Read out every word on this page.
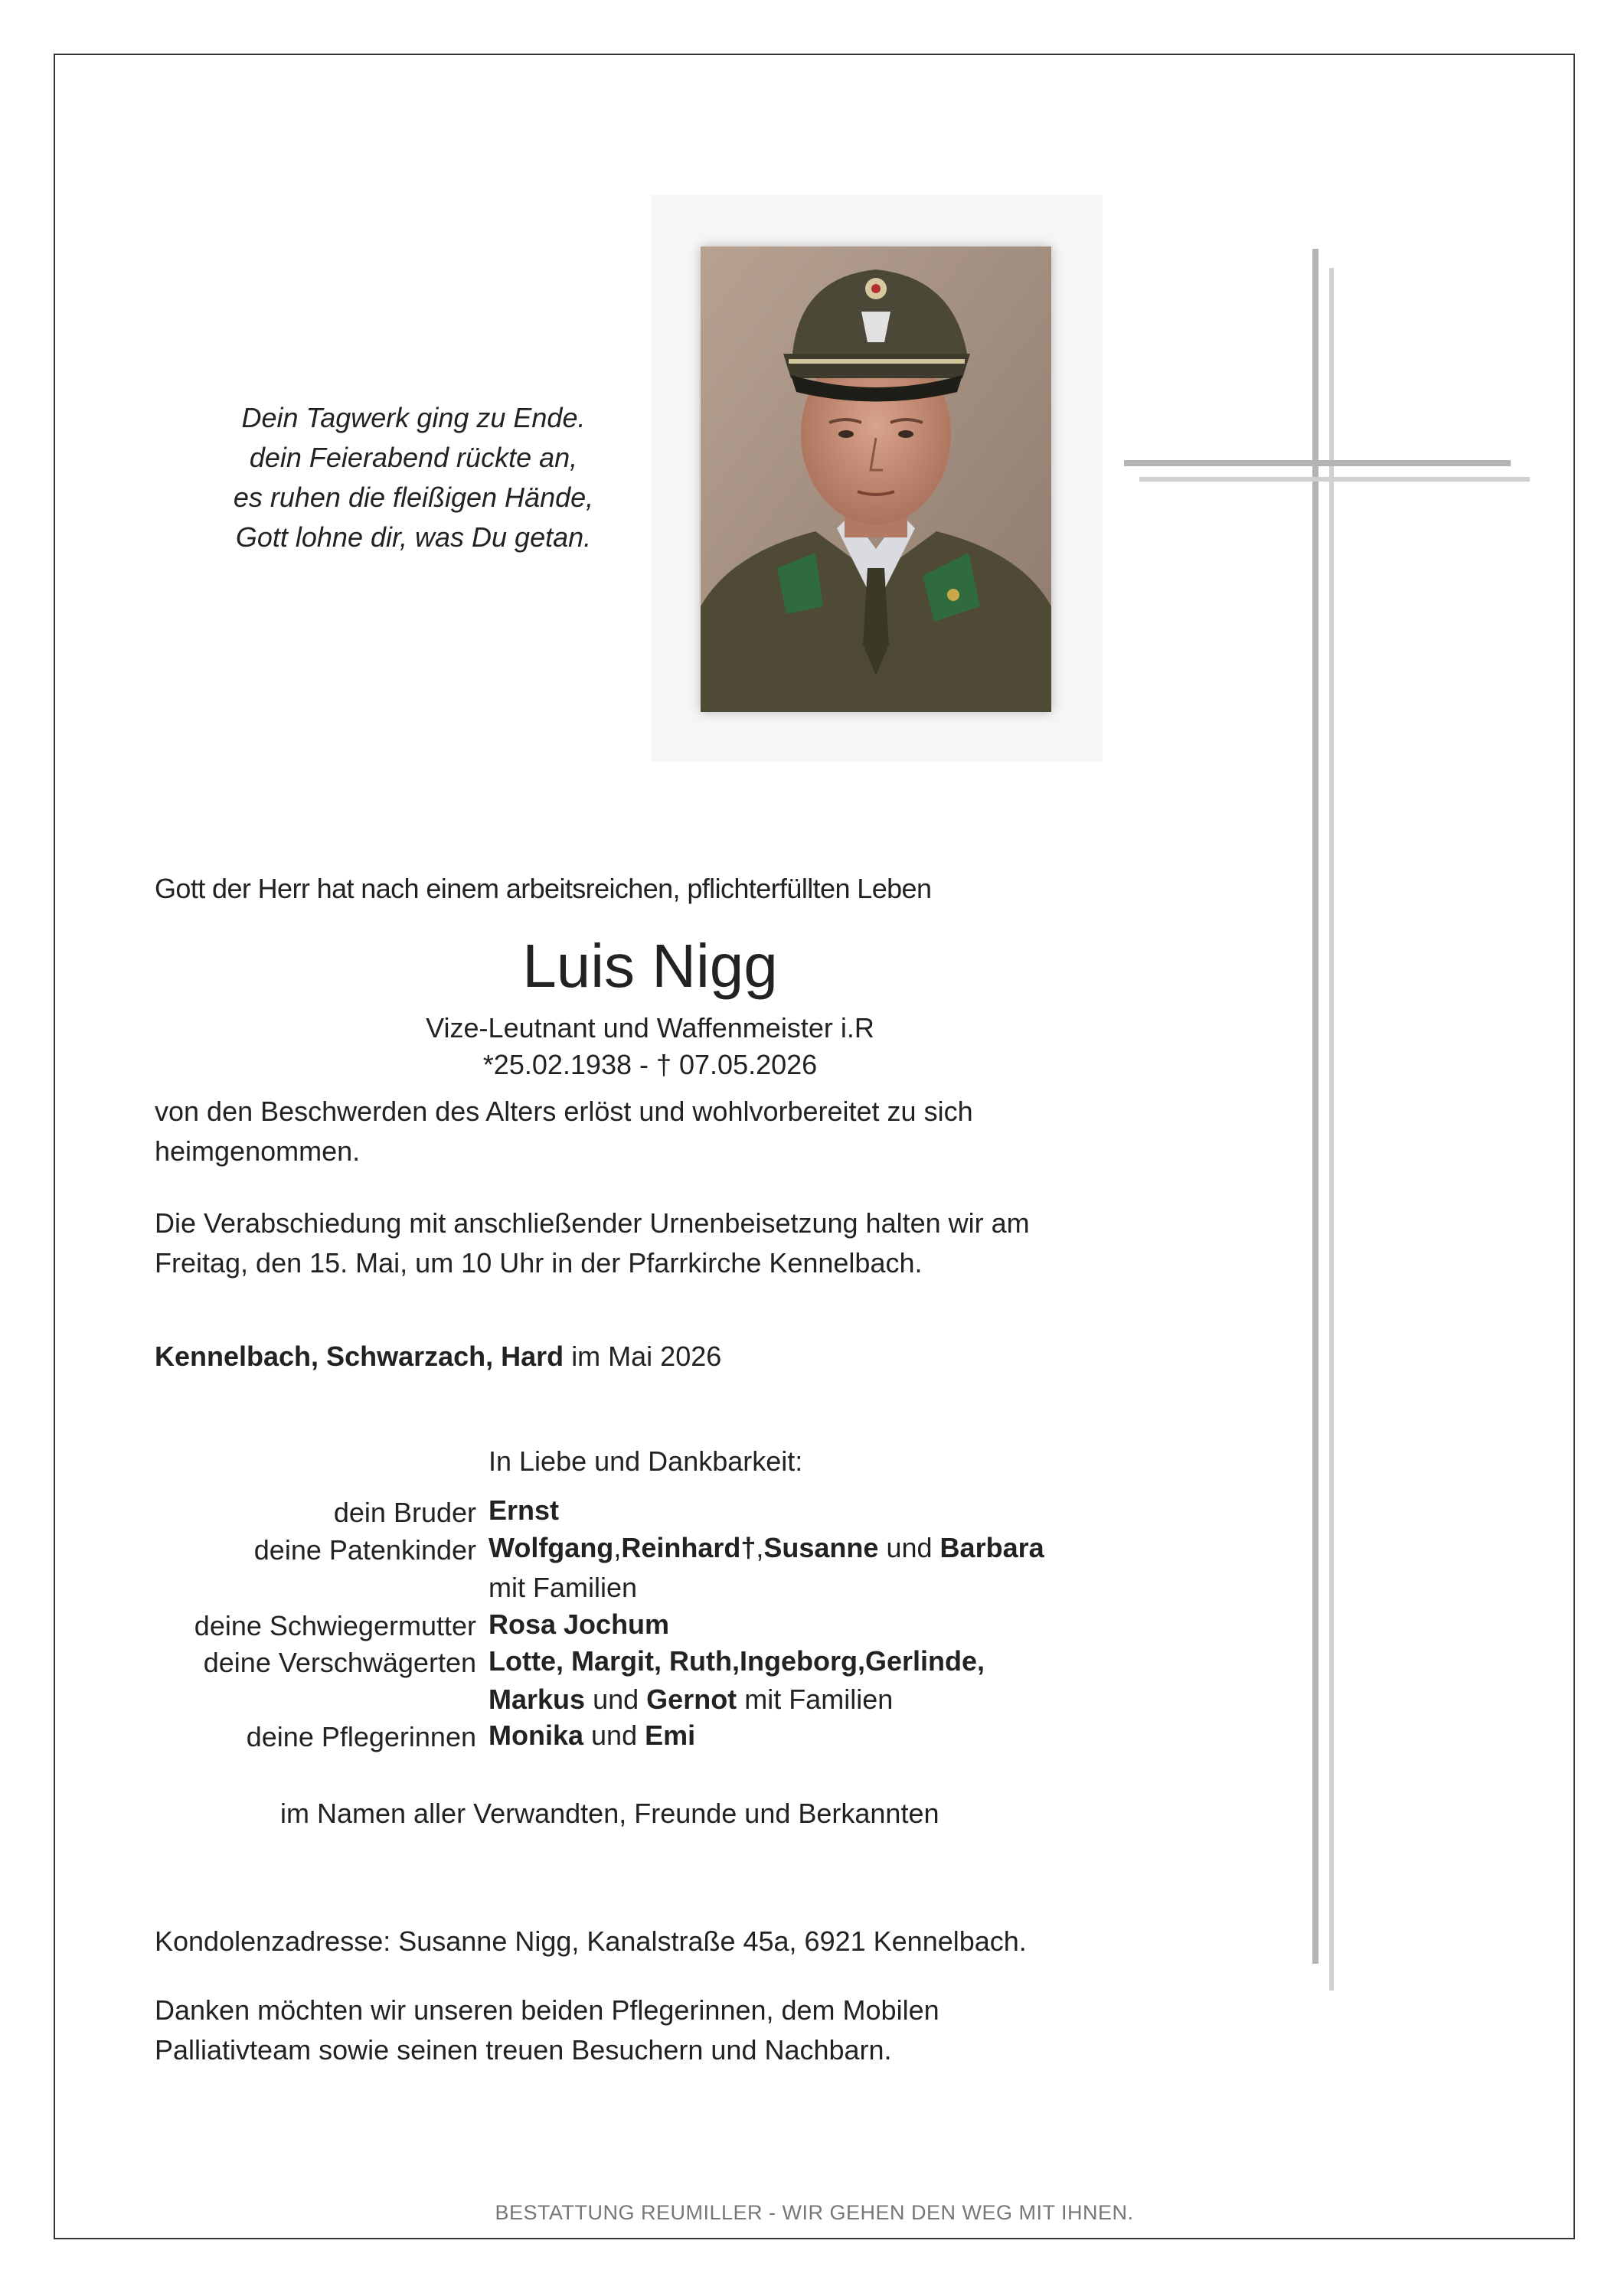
Dein Tagwerk ging zu Ende.
dein Feierabend rückte an,
es ruhen die fleißigen Hände,
Gott lohne dir, was Du getan.
Gott der Herr hat nach einem arbeitsreichen, pflichterfüllten Leben
Luis Nigg
Vize-Leutnant und Waffenmeister i.R
*25.02.1938 - † 07.05.2026
von den Beschwerden des Alters erlöst und wohlvorbereitet zu sich
heimgenommen.
Die Verabschiedung mit anschließender Urnenbeisetzung halten wir am
Freitag, den 15. Mai, um 10 Uhr in der Pfarrkirche Kennelbach.
Kennelbach, Schwarzach, Hard im Mai 2026
In Liebe und Dankbarkeit:
dein Bruder Ernst
deine Patenkinder Wolfgang,Reinhard†,Susanne und Barbara
mit Familien
deine Schwiegermutter Rosa Jochum
deine Verschwägerten Lotte, Margit, Ruth,Ingeborg,Gerlinde,
Markus und Gernot mit Familien
deine Pflegerinnen Monika und Emi
im Namen aller Verwandten, Freunde und Berkannten
Kondolenzadresse: Susanne Nigg, Kanalstraße 45a, 6921 Kennelbach.
Danken möchten wir unseren beiden Pflegerinnen, dem Mobilen
Palliativteam sowie seinen treuen Besuchern und Nachbarn.
BESTATTUNG REUMILLER - WIR GEHEN DEN WEG MIT IHNEN.
